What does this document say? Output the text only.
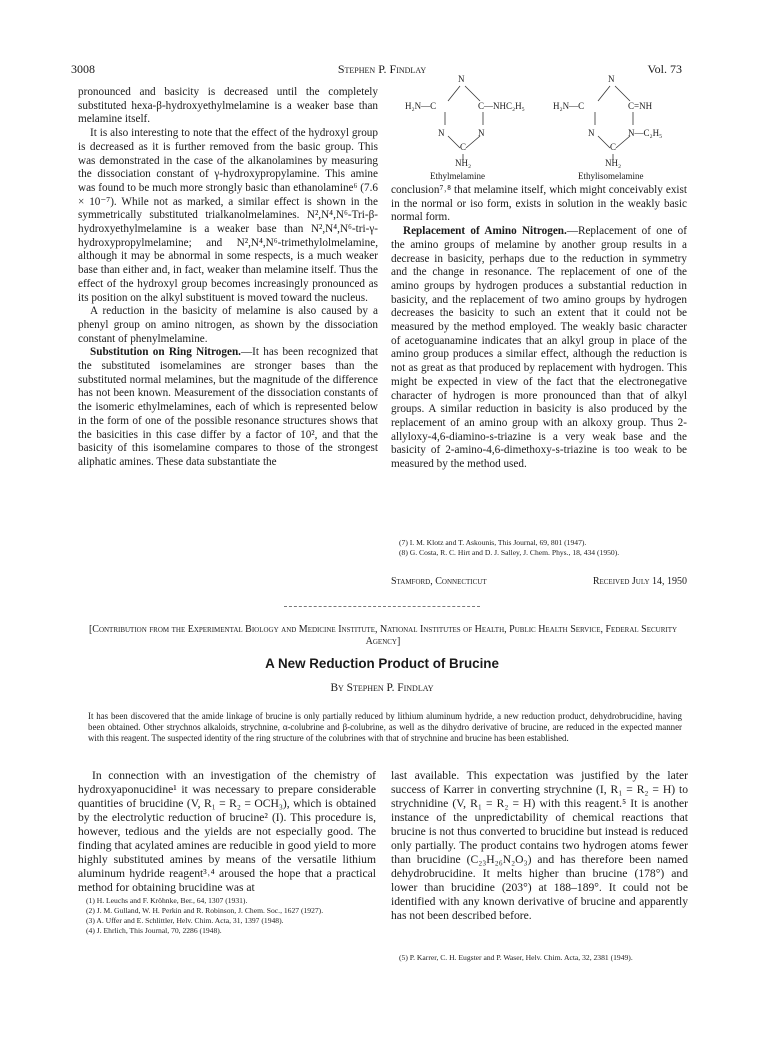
3008	Stephen P. Findlay	Vol. 73

pronounced and basicity is decreased until the completely substituted hexa-β-hydroxyethylmelamine is a weaker base than melamine itself.

It is also interesting to note that the effect of the hydroxyl group is decreased as it is further removed from the basic group. This was demonstrated in the case of the alkanolamines by measuring the dissociation constant of γ-hydroxypropylamine. This amine was found to be much more strongly basic than ethanolamine⁶ (7.6 × 10⁻⁷). While not as marked, a similar effect is shown in the symmetrically substituted trialkanolmelamines. N²,N⁴,N⁶-Tri-β-hydroxyethylmelamine is a weaker base than N²,N⁴,N⁶-tri-γ-hydroxypropylmelamine; and N²,N⁴,N⁶-trimethylolmelamine, although it may be abnormal in some respects, is a much weaker base than either and, in fact, weaker than melamine itself. Thus the effect of the hydroxyl group becomes increasingly pronounced as its position on the alkyl substituent is moved toward the nucleus.

A reduction in the basicity of melamine is also caused by a phenyl group on amino nitrogen, as shown by the dissociation constant of phenylmelamine.

Substitution on Ring Nitrogen.—It has been recognized that the substituted isomelamines are stronger bases than the substituted normal melamines, but the magnitude of the difference has not been known. Measurement of the dissociation constants of the isomeric ethylmelamines, each of which is represented below in the form of one of the possible resonance structures shows that the basicities in this case differ by a factor of 10², and that the basicity of this isomelamine compares to those of the strongest aliphatic amines. These data substantiate the

N
H₂N—C	C—NHC₂H₅
N	N
C
NH₂
Ethylmelamine
N
H₂N—C	C=NH
N	N—C₂H₅
C
NH₂
Ethylisomelamine

conclusion⁷˒⁸ that melamine itself, which might conceivably exist in the normal or iso form, exists in solution in the weakly basic normal form.

Replacement of Amino Nitrogen.—Replacement of one of the amino groups of melamine by another group results in a decrease in basicity, perhaps due to the reduction in symmetry and the change in resonance. The replacement of one of the amino groups by hydrogen produces a substantial reduction in basicity, and the replacement of two amino groups by hydrogen decreases the basicity to such an extent that it could not be measured by the method employed. The weakly basic character of acetoguanamine indicates that an alkyl group in place of the amino group produces a similar effect, although the reduction is not as great as that produced by replacement with hydrogen. This might be expected in view of the fact that the electronegative character of hydrogen is more pronounced than that of alkyl groups. A similar reduction in basicity is also produced by the replacement of an amino group with an alkoxy group. Thus 2-allyloxy-4,6-diamino-s-triazine is a very weak base and the basicity of 2-amino-4,6-dimethoxy-s-triazine is too weak to be measured by the method used.

(7) I. M. Klotz and T. Askounis, This Journal, 69, 801 (1947).
(8) G. Costa, R. C. Hirt and D. J. Salley, J. Chem. Phys., 18, 434 (1950).
Stamford, Connecticut	Received July 14, 1950
[Contribution from the Experimental Biology and Medicine Institute, National Institutes of Health, Public Health Service, Federal Security Agency]
A New Reduction Product of Brucine
By Stephen P. Findlay
It has been discovered that the amide linkage of brucine is only partially reduced by lithium aluminum hydride, a new reduction product, dehydrobrucidine, having been obtained. Other strychnos alkaloids, strychnine, α-colubrine and β-colubrine, as well as the dihydro derivative of brucine, are reduced in the expected manner with this reagent. The suspected identity of the ring structure of the colubrines with that of strychnine and brucine has been established.

In connection with an investigation of the chemistry of hydroxyaponucidine¹ it was necessary to prepare considerable quantities of brucidine (V, R₁ = R₂ = OCH₃), which is obtained by the electrolytic reduction of brucine² (I). This procedure is, however, tedious and the yields are not especially good. The finding that acylated amines are reducible in good yield to more highly substituted amines by means of the versatile lithium aluminum hydride reagent³˒⁴ aroused the hope that a practical method for obtaining brucidine was at

(1) H. Leuchs and F. Kröhnke, Ber., 64, 1307 (1931).
(2) J. M. Gulland, W. H. Perkin and R. Robinson, J. Chem. Soc., 1627 (1927).
(3) A. Uffer and E. Schlittler, Helv. Chim. Acta, 31, 1397 (1948).
(4) J. Ehrlich, This Journal, 70, 2286 (1948).

last available. This expectation was justified by the later success of Karrer in converting strychnine (I, R₁ = R₂ = H) to strychnidine (V, R₁ = R₂ = H) with this reagent.⁵ It is another instance of the unpredictability of chemical reactions that brucine is not thus converted to brucidine but instead is reduced only partially. The product contains two hydrogen atoms fewer than brucidine (C₂₃H₂₆N₂O₃) and has therefore been named dehydrobrucidine. It melts higher than brucine (178°) and lower than brucidine (203°) at 188–189°. It could not be identified with any known derivative of brucine and apparently has not been described before.

(5) P. Karrer, C. H. Eugster and P. Waser, Helv. Chim. Acta, 32, 2381 (1949).
